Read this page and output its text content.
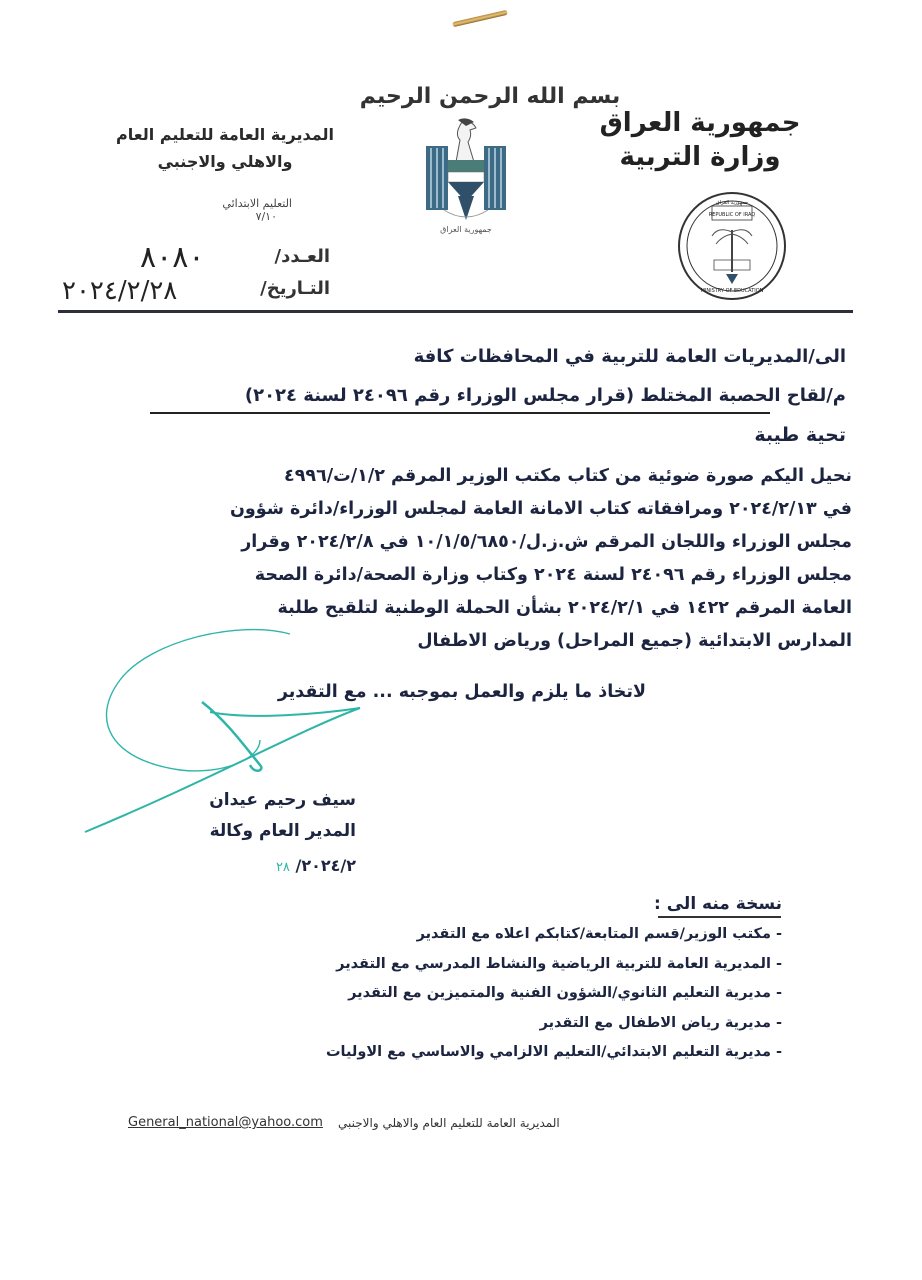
بسم الله الرحمن الرحيم
جمهورية العراق
وزارة التربية
جمهورية العراق
REPUBLIC OF IRAQ
جمهورية العراق
MINISTRY OF EDUCATION
المديرية العامة للتعليم العام
والاهلي والاجنبي
التعليم الابتدائي
٧/١٠
العـدد/
التـاريخ/
٨٠٨٠
٢٠٢٤/٢/٢٨
الى/المديريات العامة للتربية في المحافظات كافة
م/لقاح الحصبة المختلط (قرار مجلس الوزراء رقم ٢٤٠٩٦ لسنة ٢٠٢٤)
تحية طيبة

نحيل اليكم صورة ضوئية من كتاب مكتب الوزير المرقم ١/٢/ت/٤٩٩٦

في ٢٠٢٤/٢/١٣ ومرافقاته كتاب الامانة العامة لمجلس الوزراء/دائرة شؤون

مجلس الوزراء واللجان المرقم ش.ز.ل/١٠/١/٥/٦٨٥٠ في ٢٠٢٤/٢/٨ وقرار

مجلس الوزراء رقم ٢٤٠٩٦ لسنة ٢٠٢٤ وكتاب وزارة الصحة/دائرة الصحة

العامة المرقم ١٤٢٢ في ٢٠٢٤/٢/١ بشأن الحملة الوطنية لتلقيح طلبة

المدارس الابتدائية (جميع المراحل) ورياض الاطفال

لاتخاذ ما يلزم والعمل بموجبه ... مع التقدير
سيف رحيم عيدان
المدير العام وكالة
٢٠٢٤/٢/ ٢٨
نسخة منه الى :
- مكتب الوزير/قسم المتابعة/كتابكم اعلاه مع التقدير
- المديرية العامة للتربية الرياضية والنشاط المدرسي مع التقدير
- مديرية التعليم الثانوي/الشؤون الفنية والمتميزين مع التقدير
- مديرية رياض الاطفال مع التقدير
- مديرية التعليم الابتدائي/التعليم الالزامي والاساسي مع الاوليات
المديرية العامة للتعليم العام والاهلي والاجنبي
General_national@yahoo.com
